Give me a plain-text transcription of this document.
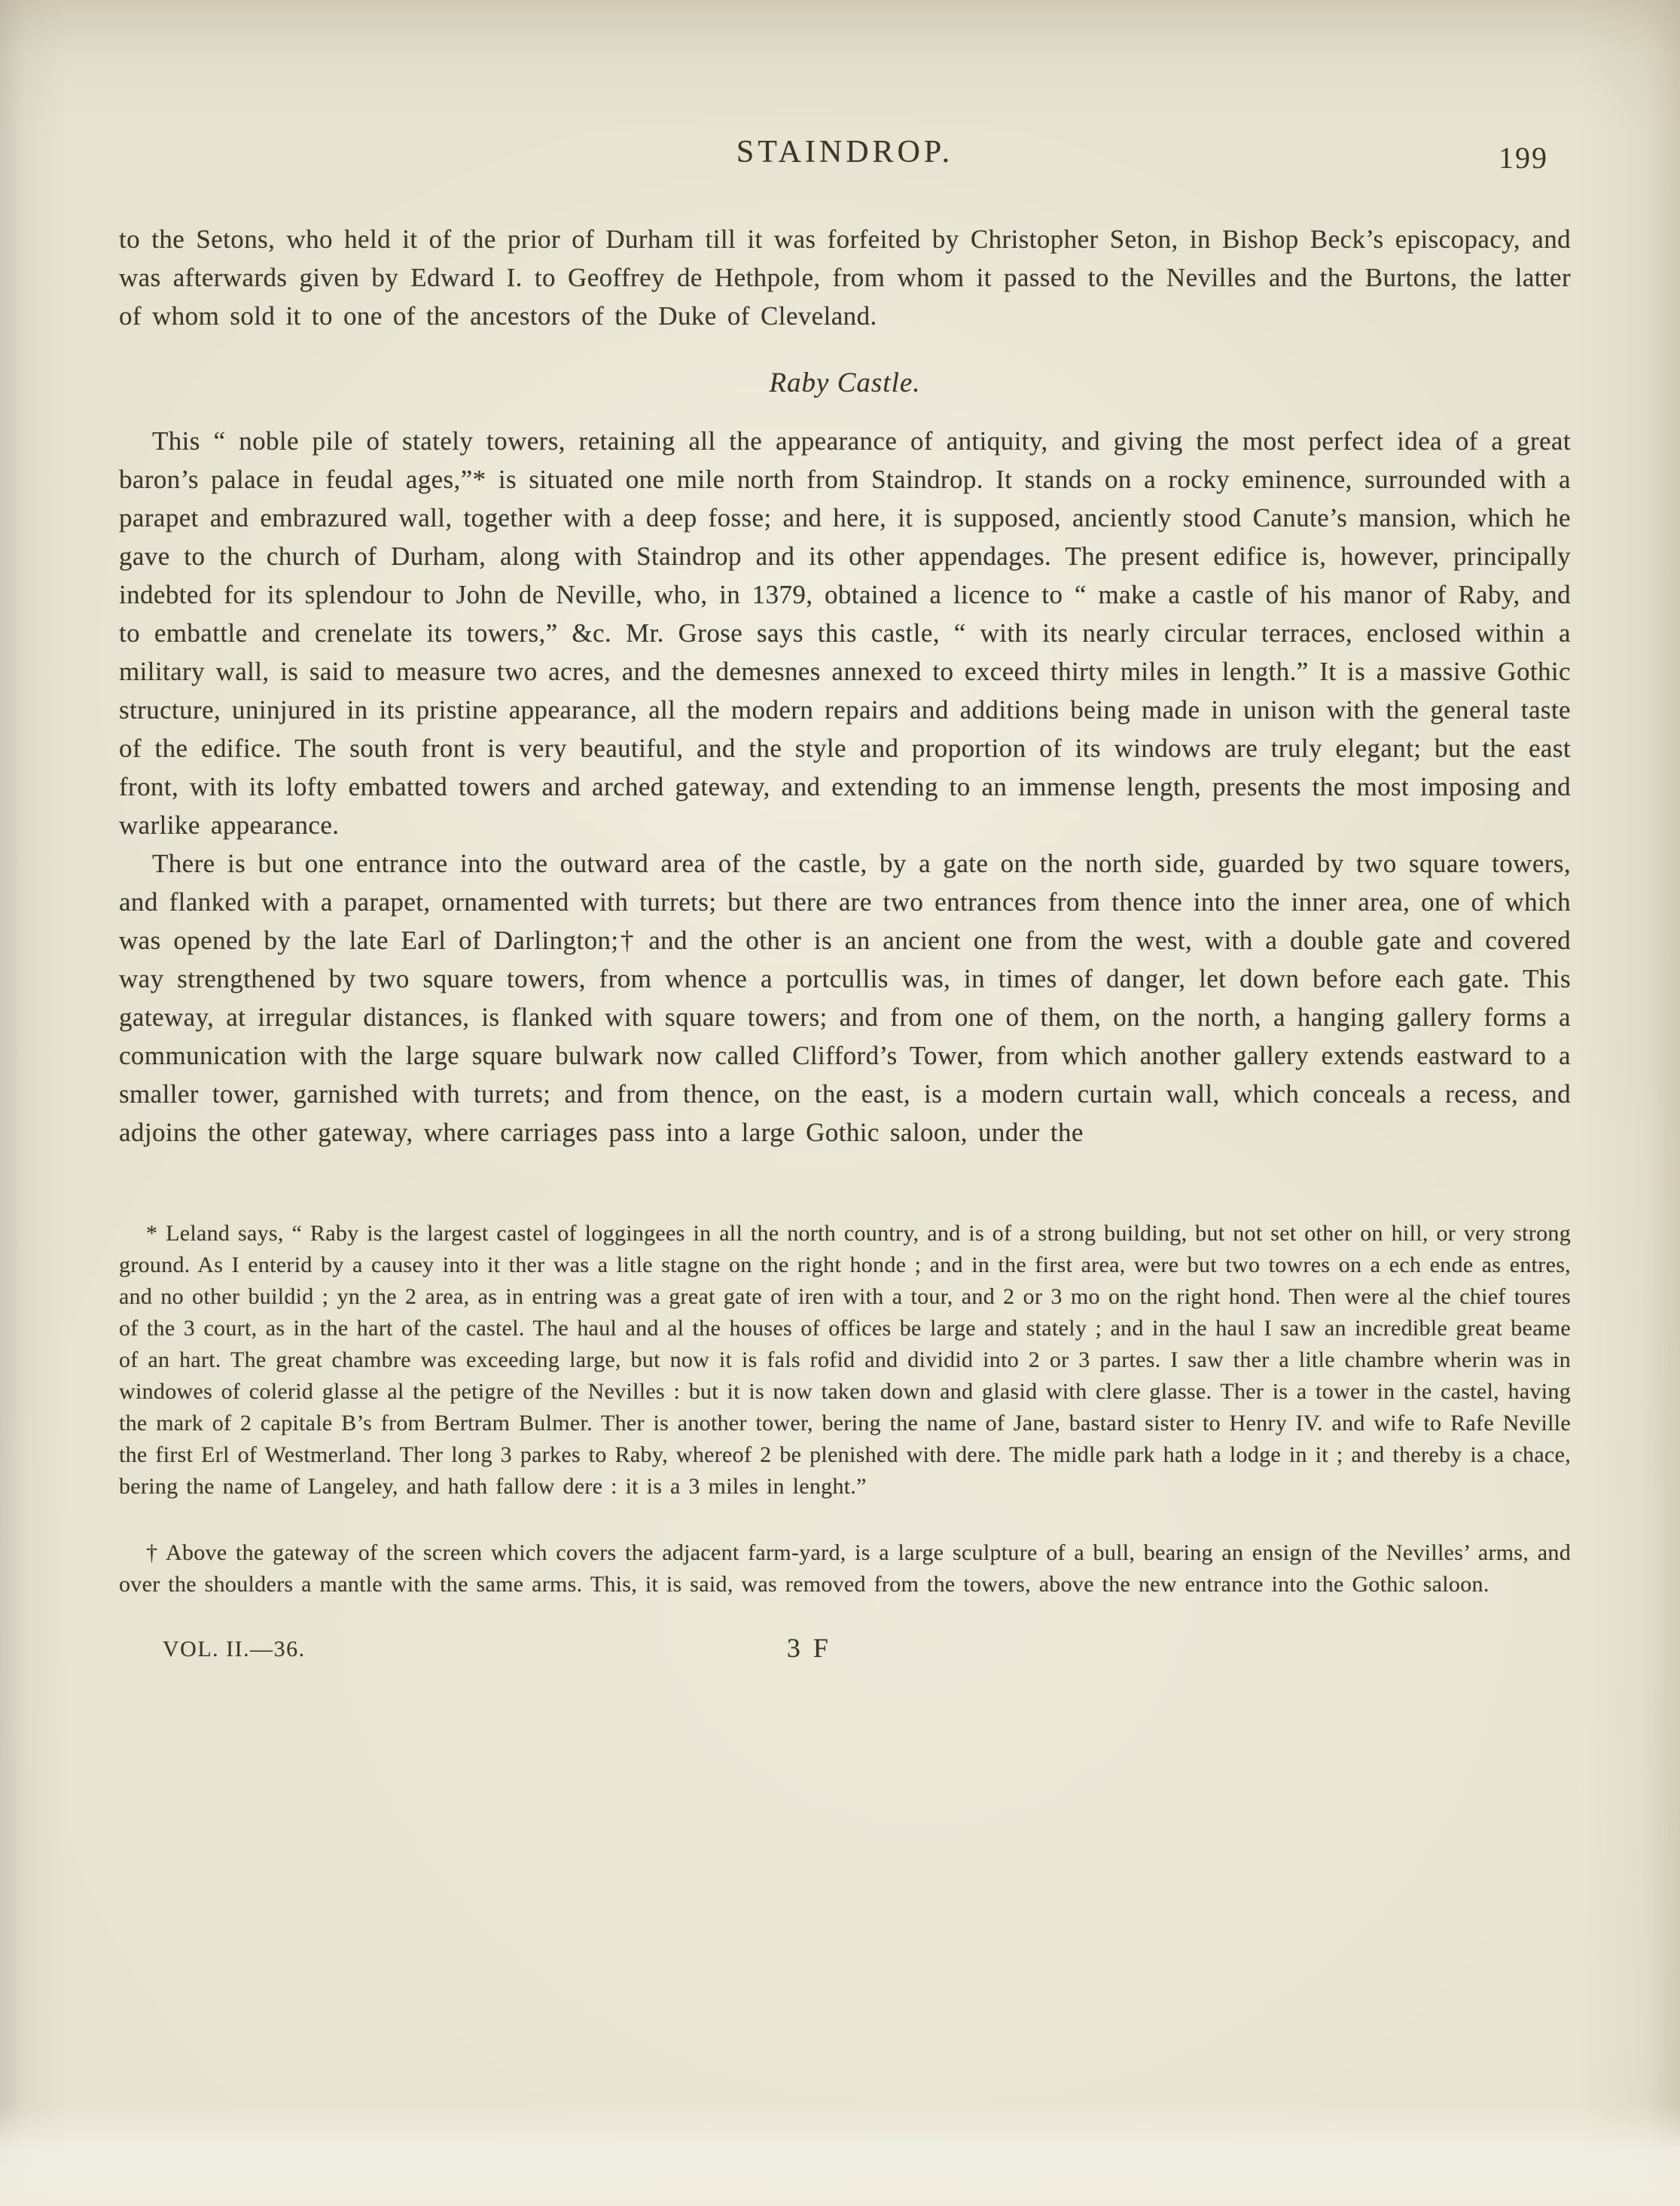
STAINDROP.	199

to the Setons, who held it of the prior of Durham till it was forfeited by Christopher Seton, in Bishop Beck’s episcopacy, and was afterwards given by Edward I. to Geoffrey de Hethpole, from whom it passed to the Nevilles and the Burtons, the latter of whom sold it to one of the ancestors of the Duke of Cleveland.

Raby Castle.

This “ noble pile of stately towers, retaining all the appearance of antiquity, and giving the most perfect idea of a great baron’s palace in feudal ages,”* is situated one mile north from Staindrop. It stands on a rocky eminence, surrounded with a parapet and embrazured wall, together with a deep fosse; and here, it is supposed, anciently stood Canute’s mansion, which he gave to the church of Durham, along with Staindrop and its other appendages. The present edifice is, however, principally indebted for its splendour to John de Neville, who, in 1379, obtained a licence to “ make a castle of his manor of Raby, and to embattle and crenelate its towers,” &c. Mr. Grose says this castle, “ with its nearly circular terraces, enclosed within a military wall, is said to measure two acres, and the demesnes annexed to exceed thirty miles in length.” It is a massive Gothic structure, uninjured in its pristine appearance, all the modern repairs and additions being made in unison with the general taste of the edifice. The south front is very beautiful, and the style and proportion of its windows are truly elegant; but the east front, with its lofty embatted towers and arched gateway, and extending to an immense length, presents the most imposing and warlike appearance.

There is but one entrance into the outward area of the castle, by a gate on the north side, guarded by two square towers, and flanked with a parapet, ornamented with turrets; but there are two entrances from thence into the inner area, one of which was opened by the late Earl of Darlington;† and the other is an ancient one from the west, with a double gate and covered way strengthened by two square towers, from whence a portcullis was, in times of danger, let down before each gate. This gateway, at irregular distances, is flanked with square towers; and from one of them, on the north, a hanging gallery forms a communication with the large square bulwark now called Clifford’s Tower, from which another gallery extends eastward to a smaller tower, garnished with turrets; and from thence, on the east, is a modern curtain wall, which conceals a recess, and adjoins the other gateway, where carriages pass into a large Gothic saloon, under the

* Leland says, “ Raby is the largest castel of loggingees in all the north country, and is of a strong building, but not set other on hill, or very strong ground. As I enterid by a causey into it ther was a litle stagne on the right honde ; and in the first area, were but two towres on a ech ende as entres, and no other buildid ; yn the 2 area, as in entring was a great gate of iren with a tour, and 2 or 3 mo on the right hond. Then were al the chief toures of the 3 court, as in the hart of the castel. The haul and al the houses of offices be large and stately ; and in the haul I saw an incredible great beame of an hart. The great chambre was exceeding large, but now it is fals rofid and dividid into 2 or 3 partes. I saw ther a litle chambre wherin was in windowes of colerid glasse al the petigre of the Nevilles : but it is now taken down and glasid with clere glasse. Ther is a tower in the castel, having the mark of 2 capitale B’s from Bertram Bulmer. Ther is another tower, bering the name of Jane, bastard sister to Henry IV. and wife to Rafe Neville the first Erl of Westmerland. Ther long 3 parkes to Raby, whereof 2 be plenished with dere. The midle park hath a lodge in it ; and thereby is a chace, bering the name of Langeley, and hath fallow dere : it is a 3 miles in lenght.”

† Above the gateway of the screen which covers the adjacent farm-yard, is a large sculpture of a bull, bearing an ensign of the Nevilles’ arms, and over the shoulders a mantle with the same arms. This, it is said, was removed from the towers, above the new entrance into the Gothic saloon.

VOL. II.—36.	3 F
